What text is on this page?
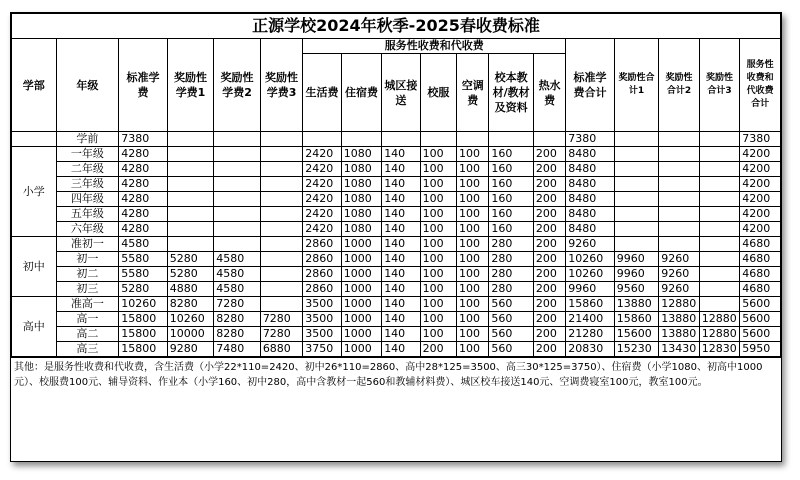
正源学校2024年秋季-2025春收费标准																	
学部	年级	标准学费	奖励性学费1	奖励性学费2	奖励性学费3	服务性收费和代收费							标准学费合计	奖励性合计1	奖励性合计2	奖励性合计3	服务性收费和代收费合计
						生活费	住宿费	城区接送	校服	空调费	校本教材/教材及资料	热水费					
	学前	7380											7380				7380
小学	一年级	4280				2420	1080	140	100	100	160	200	8480				4200
	二年级	4280				2420	1080	140	100	100	160	200	8480				4200
	三年级	4280				2420	1080	140	100	100	160	200	8480				4200
	四年级	4280				2420	1080	140	100	100	160	200	8480				4200
	五年级	4280				2420	1080	140	100	100	160	200	8480				4200
	六年级	4280				2420	1080	140	100	100	160	200	8480				4200
初中	准初一	4580				2860	1000	140	100	100	280	200	9260				4680
	初一	5580	5280	4580		2860	1000	140	100	100	280	200	10260	9960	9260		4680
	初二	5580	5280	4580		2860	1000	140	100	100	280	200	10260	9960	9260		4680
	初三	5280	4880	4580		2860	1000	140	100	100	280	200	9960	9560	9260		4680
高中	准高一	10260	8280	7280		3500	1000	140	100	100	560	200	15860	13880	12880		5600
	高一	15800	10260	8280	7280	3500	1000	140	100	100	560	200	21400	15860	13880	12880	5600
	高二	15800	10000	8280	7280	3500	1000	140	100	100	560	200	21280	15600	13880	12880	5600
	高三	15800	9280	7480	6880	3750	1000	140	200	100	560	200	20830	15230	13430	12830	5950
其他：是服务性收费和代收费，含生活费（小学22*110=2420、初中26*110=2860、高中28*125=3500、高三30*125=3750）、住宿费（小学1080、初高中1000元）、校服费100元、辅导资料、作业本（小学160、初中280，高中含教材一起560和教辅材料费）、城区校车接送140元、空调费寝室100元，教室100元。
